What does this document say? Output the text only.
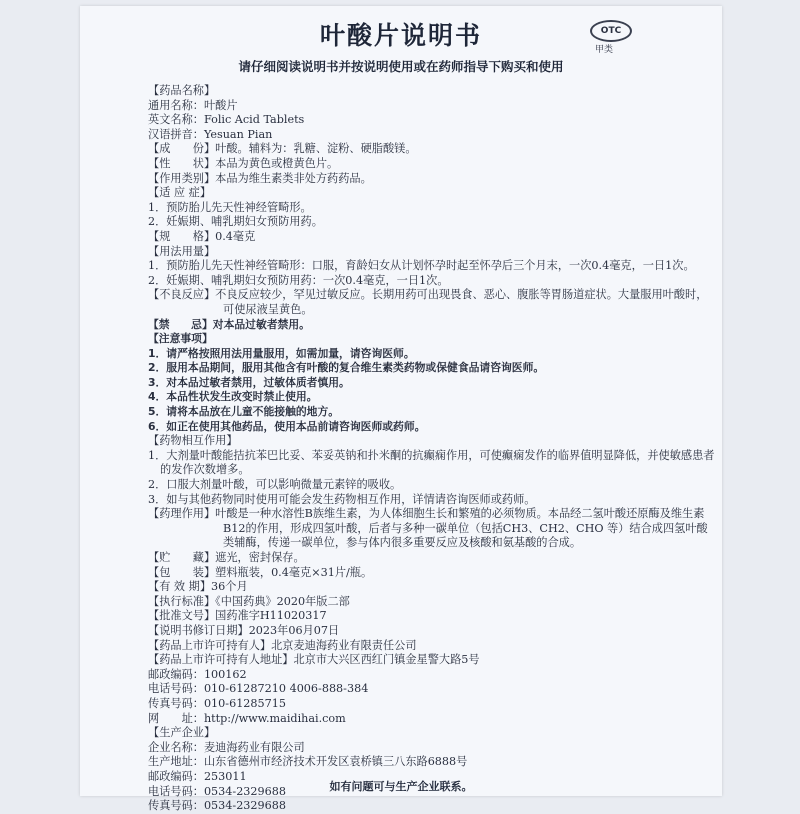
叶酸片说明书	OTC
甲类
请仔细阅读说明书并按说明使用或在药师指导下购买和使用
【药品名称】
通用名称：叶酸片
英文名称：Folic Acid Tablets
汉语拼音：Yesuan Pian
【成　　份】叶酸。辅料为：乳糖、淀粉、硬脂酸镁。
【性　　状】本品为黄色或橙黄色片。
【作用类别】本品为维生素类非处方药药品。
【适 应 症】
1．预防胎儿先天性神经管畸形。
2．妊娠期、哺乳期妇女预防用药。
【规　　格】0.4毫克
【用法用量】
1．预防胎儿先天性神经管畸形：口服，育龄妇女从计划怀孕时起至怀孕后三个月末，一次0.4毫克，一日1次。
2．妊娠期、哺乳期妇女预防用药：一次0.4毫克，一日1次。
【不良反应】不良反应较少，罕见过敏反应。长期用药可出现畏食、恶心、腹胀等胃肠道症状。大量服用叶酸时，可使尿液呈黄色。
【禁　　忌】对本品过敏者禁用。
【注意事项】
1．请严格按照用法用量服用，如需加量，请咨询医师。
2．服用本品期间，服用其他含有叶酸的复合维生素类药物或保健食品请咨询医师。
3．对本品过敏者禁用，过敏体质者慎用。
4．本品性状发生改变时禁止使用。
5．请将本品放在儿童不能接触的地方。
6．如正在使用其他药品，使用本品前请咨询医师或药师。
【药物相互作用】
1．大剂量叶酸能拮抗苯巴比妥、苯妥英钠和扑米酮的抗癫痫作用，可使癫痫发作的临界值明显降低，并使敏感患者的发作次数增多。
2．口服大剂量叶酸，可以影响微量元素锌的吸收。
3．如与其他药物同时使用可能会发生药物相互作用，详情请咨询医师或药师。
【药理作用】叶酸是一种水溶性B族维生素，为人体细胞生长和繁殖的必须物质。本品经二氢叶酸还原酶及维生素B12的作用，形成四氢叶酸，后者与多种一碳单位（包括CH3、CH2、CHO 等）结合成四氢叶酸类辅酶，传递一碳单位，参与体内很多重要反应及核酸和氨基酸的合成。
【贮　　藏】遮光，密封保存。
【包　　装】塑料瓶装，0.4毫克×31片/瓶。
【有 效 期】36个月
【执行标准】《中国药典》2020年版二部
【批准文号】国药准字H11020317
【说明书修订日期】2023年06月07日
【药品上市许可持有人】北京麦迪海药业有限责任公司
【药品上市许可持有人地址】北京市大兴区西红门镇金星警大路5号
邮政编码：100162
电话号码：010-61287210 4006-888-384
传真号码：010-61285715
网　　址：http://www.maidihai.com
【生产企业】
企业名称：麦迪海药业有限公司
生产地址：山东省德州市经济技术开发区袁桥镇三八东路6888号
邮政编码：253011
电话号码：0534-2329688
传真号码：0534-2329688
如有问题可与生产企业联系。
